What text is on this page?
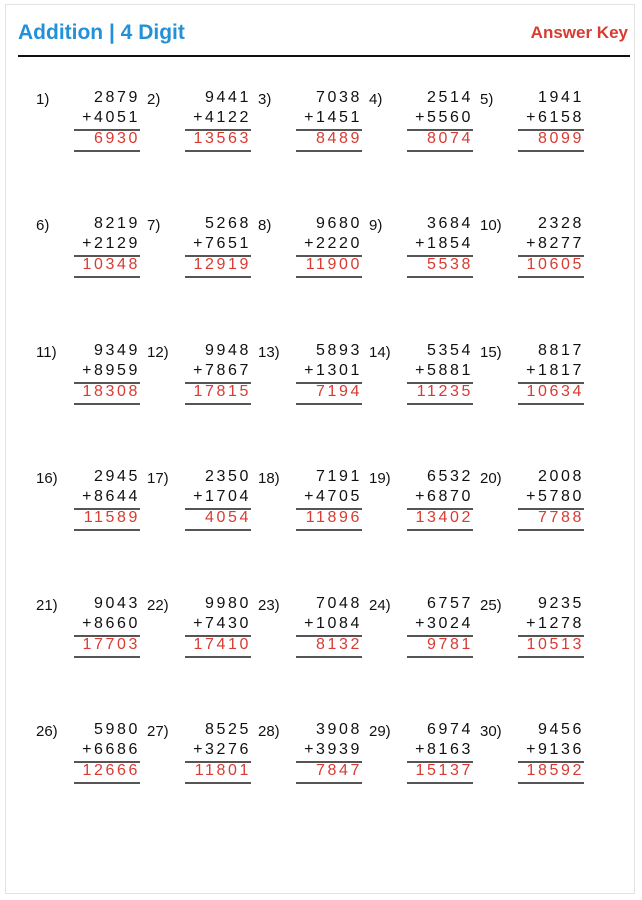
Addition | 4 Digit	Answer Key
1)	2879
+4051
6930
2)	9441
+4122
13563
3)	7038
+1451
8489
4)	2514
+5560
8074
5)	1941
+6158
8099
6)	8219
+2129
10348
7)	5268
+7651
12919
8)	9680
+2220
11900
9)	3684
+1854
5538
10) 2328
+8277
10605
11) 9349
+8959
18308
12) 9948
+7867
17815
13) 5893
+1301
7194
14) 5354
+5881
11235
15) 8817
+1817
10634
16) 2945
+8644
11589
17) 2350
+1704
4054
18) 7191
+4705
11896
19) 6532
+6870
13402
20) 2008
+5780
7788
21) 9043
+8660
17703
22) 9980
+7430
17410
23) 7048
+1084
8132
24) 6757
+3024
9781
25) 9235
+1278
10513
26) 5980
+6686
12666
27) 8525
+3276
11801
28) 3908
+3939
7847
29) 6974
+8163
15137
30) 9456
+9136
18592
